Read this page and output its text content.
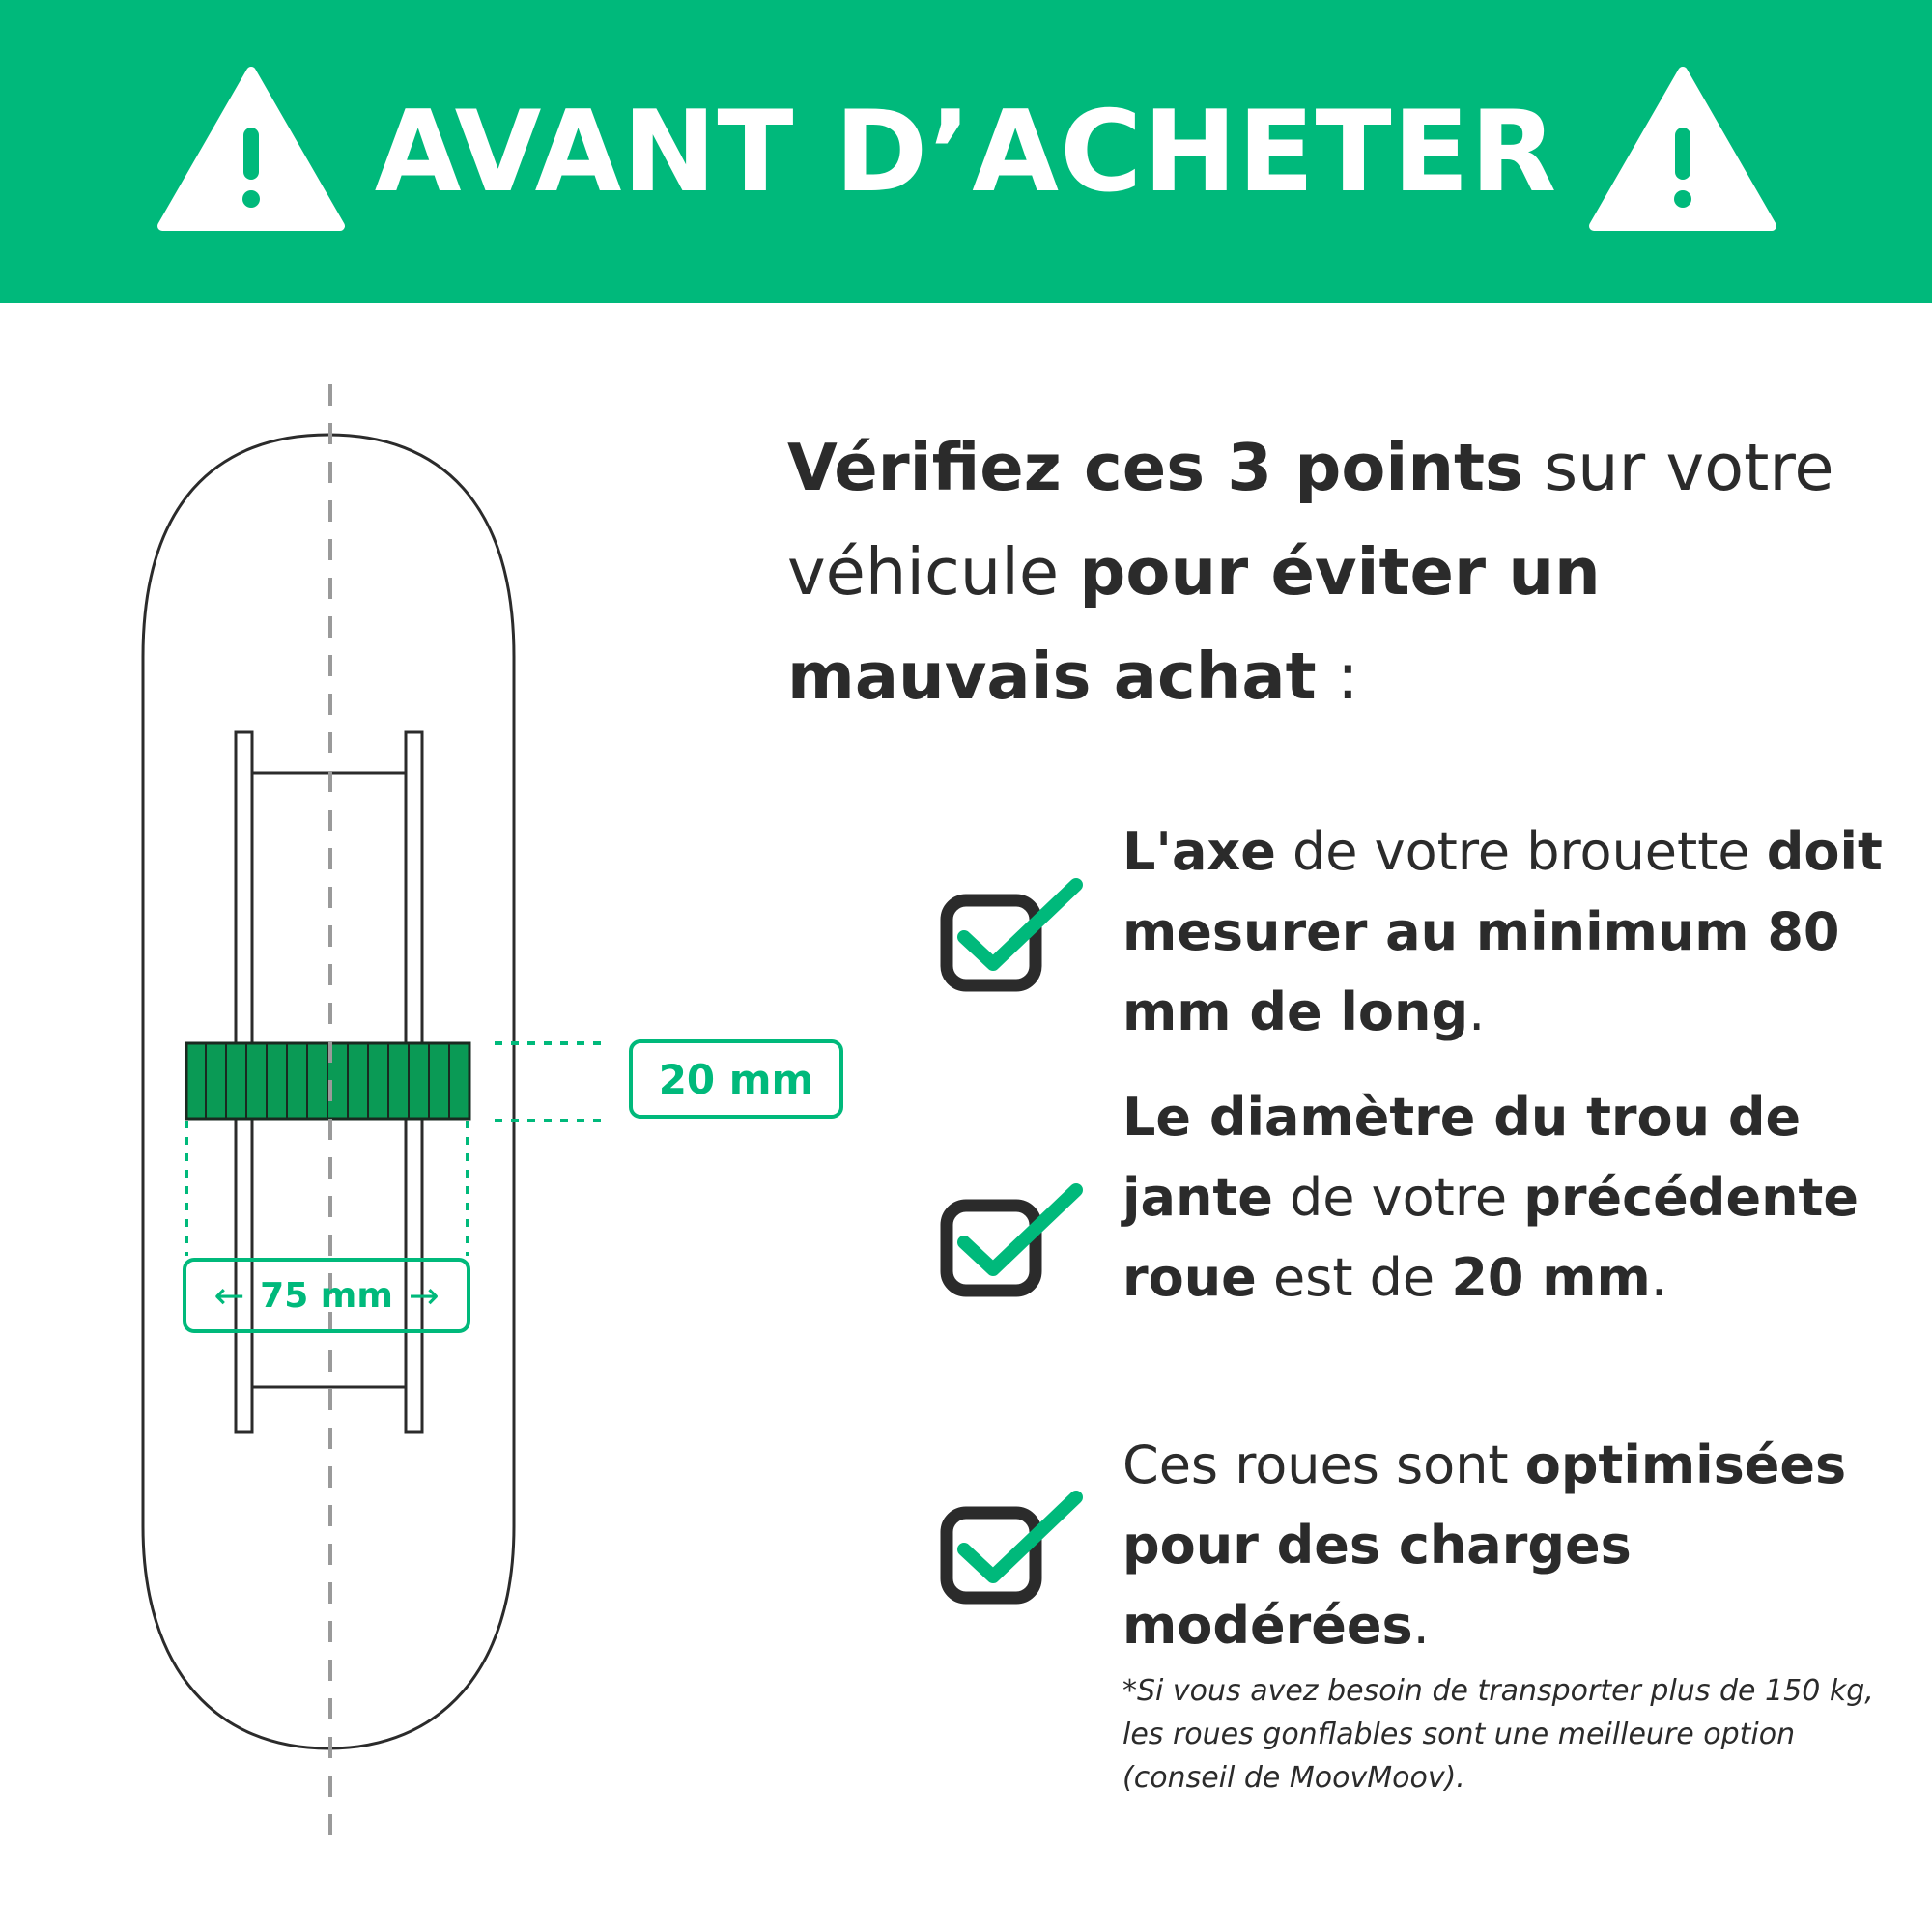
AVANT D’ACHETER
20 mm
← 75 mm →
Vérifiez ces 3 points sur votre véhicule pour éviter un mauvais achat :
L'axe de votre brouette doit mesurer au minimum 80 mm de long.
Le diamètre du trou de jante de votre précédente roue est de 20 mm.
Ces roues sont optimisées pour des charges modérées.
*Si vous avez besoin de transporter plus de 150 kg, les roues gonflables sont une meilleure option (conseil de MoovMoov).
